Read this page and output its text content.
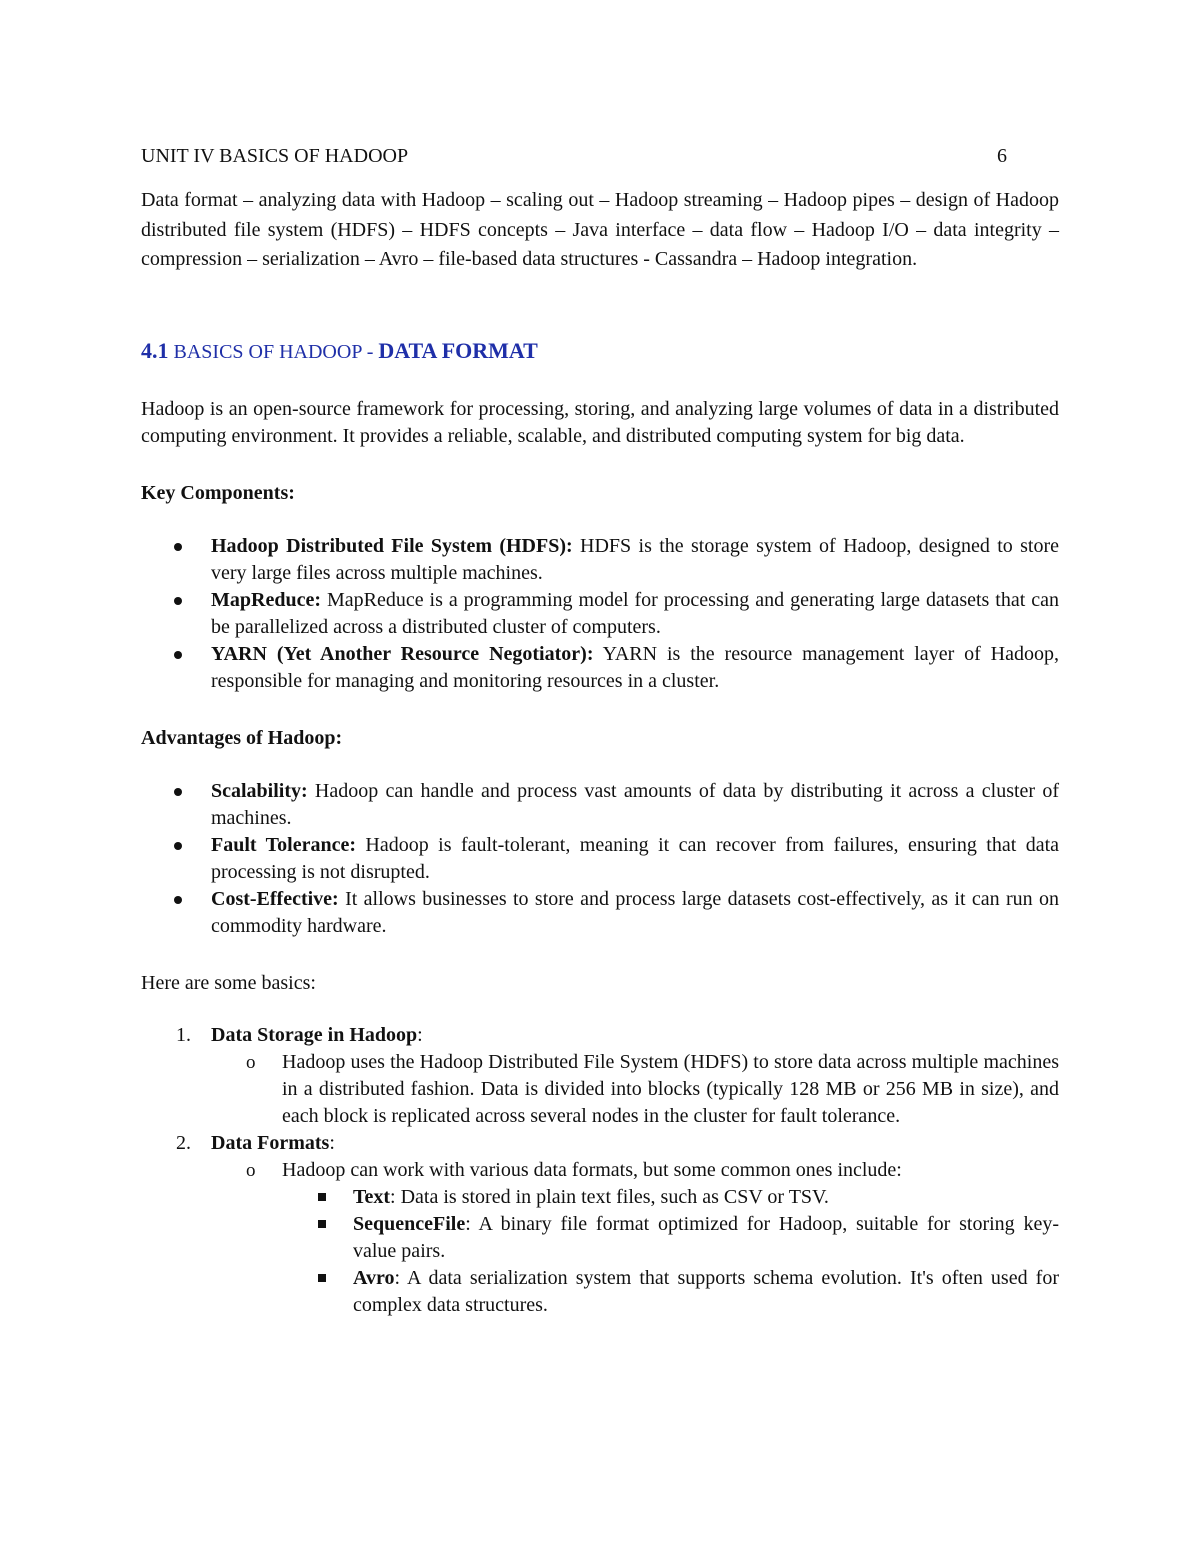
UNIT IV BASICS OF HADOOP	6

Data format – analyzing data with Hadoop – scaling out – Hadoop streaming – Hadoop pipes – design of Hadoop distributed file system (HDFS) – HDFS concepts – Java interface – data flow – Hadoop I/O – data integrity – compression – serialization – Avro – file-based data structures - Cassandra – Hadoop integration.

4.1 BASICS OF HADOOP - DATA FORMAT

Hadoop is an open-source framework for processing, storing, and analyzing large volumes of data in a distributed computing environment. It provides a reliable, scalable, and distributed computing system for big data.

Key Components:
Hadoop Distributed File System (HDFS): HDFS is the storage system of Hadoop, designed to store very large files across multiple machines.
MapReduce: MapReduce is a programming model for processing and generating large datasets that can be parallelized across a distributed cluster of computers.
YARN (Yet Another Resource Negotiator): YARN is the resource management layer of Hadoop, responsible for managing and monitoring resources in a cluster.
Advantages of Hadoop:
Scalability: Hadoop can handle and process vast amounts of data by distributing it across a cluster of machines.
Fault Tolerance: Hadoop is fault-tolerant, meaning it can recover from failures, ensuring that data processing is not disrupted.
Cost-Effective: It allows businesses to store and process large datasets cost-effectively, as it can run on commodity hardware.

Here are some basics:

1. Data Storage in Hadoop:
o Hadoop uses the Hadoop Distributed File System (HDFS) to store data across multiple machines in a distributed fashion. Data is divided into blocks (typically 128 MB or 256 MB in size), and each block is replicated across several nodes in the cluster for fault tolerance.
2. Data Formats:
o Hadoop can work with various data formats, but some common ones include:
Text: Data is stored in plain text files, such as CSV or TSV.
SequenceFile: A binary file format optimized for Hadoop, suitable for storing key-value pairs.
Avro: A data serialization system that supports schema evolution. It's often used for complex data structures.
